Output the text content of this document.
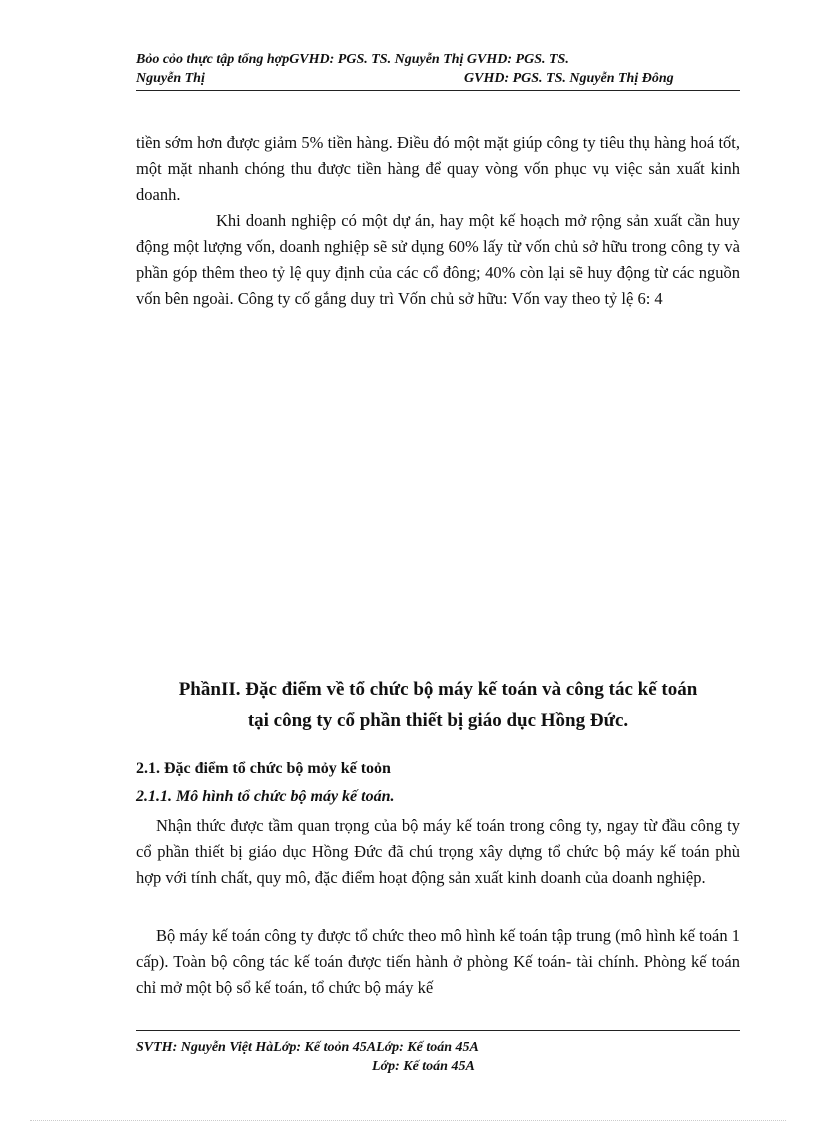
Bỏo cỏo thực tập tổng hợpGVHD: PGS. TS. Nguyễn Thị GVHD: PGS. TS.
Nguyễn Thị	GVHD: PGS. TS. Nguyễn Thị Đông

tiền sớm hơn được giảm 5% tiền hàng. Điều đó một mặt giúp công ty tiêu thụ hàng hoá tốt, một mặt nhanh chóng thu được tiền hàng để quay vòng vốn phục vụ việc sản xuất kinh doanh.

Khi doanh nghiệp có một dự án, hay một kế hoạch mở rộng sản xuất cần huy động một lượng vốn, doanh nghiệp sẽ sử dụng 60% lấy từ vốn chủ sở hữu trong công ty và phần góp thêm theo tỷ lệ quy định của các cổ đông; 40% còn lại sẽ huy động từ các nguồn vốn bên ngoài. Công ty cố gắng duy trì Vốn chủ sở hữu: Vốn vay theo tỷ lệ 6: 4

PhầnII. Đặc điểm về tổ chức bộ máy kế toán và công tác kế toán
tại công ty cổ phần thiết bị giáo dục Hồng Đức.
2.1. Đặc điểm tổ chức bộ mỏy kế toỏn
2.1.1. Mô hình tổ chức bộ máy kế toán.

Nhận thức được tầm quan trọng của bộ máy kế toán trong công ty, ngay từ đầu công ty cổ phần thiết bị giáo dục Hồng Đức đã chú trọng xây dựng tổ chức bộ máy kế toán phù hợp với tính chất, quy mô, đặc điểm hoạt động sản xuất kinh doanh của doanh nghiệp.

Bộ máy kế toán công ty được tổ chức theo mô hình kế toán tập trung (mô hình kế toán 1 cấp). Toàn bộ công tác kế toán được tiến hành ở phòng Kế toán- tài chính. Phòng kế toán chỉ mở một bộ sổ kế toán, tổ chức bộ máy kế

SVTH: Nguyễn Việt HàLớp: Kế toỏn 45ALớp: Kế toán 45A
Lớp: Kế toán 45A
